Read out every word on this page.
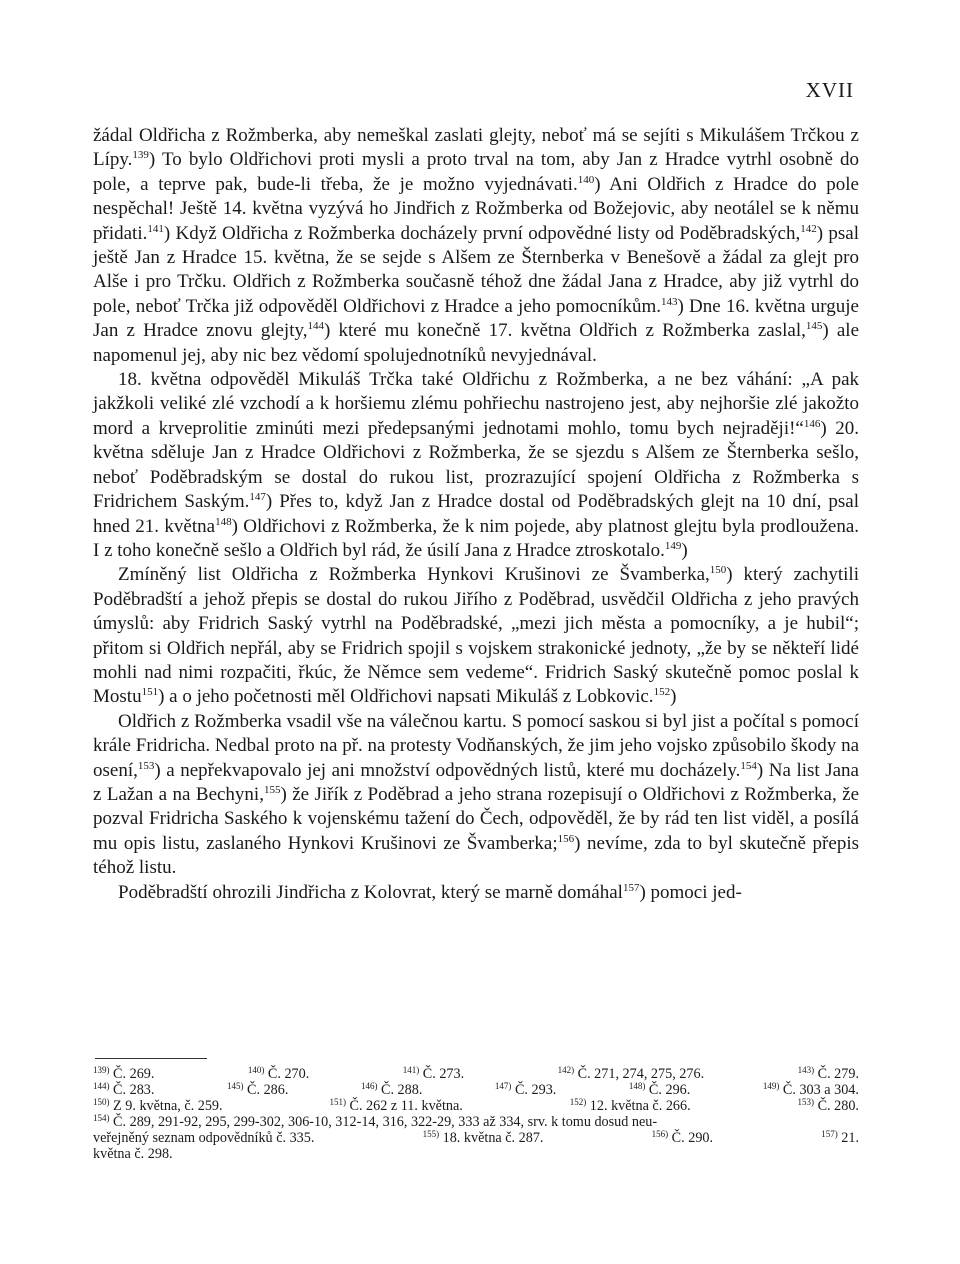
XVII

žádal Oldřicha z Rožmberka, aby nemeškal zaslati glejty, neboť má se sejíti s Mikulášem Trčkou z Lípy.$^{139}$) To bylo Oldřichovi proti mysli a proto trval na tom, aby Jan z Hradce vytrhl osobně do pole, a teprve pak, bude-li třeba, že je možno vyjednávati.$^{140}$) Ani Oldřich z Hradce do pole nespěchal! Ještě 14. května vyzývá ho Jindřich z Rožmberka od Božejovic, aby neotálel se k němu přidati.$^{141}$) Když Oldřicha z Rožmberka docházely první odpovědné listy od Poděbradských,$^{142}$) psal ještě Jan z Hradce 15. května, že se sejde s Alšem ze Šternberka v Benešově a žádal za glejt pro Alše i pro Trčku. Oldřich z Rožmberka současně téhož dne žádal Jana z Hradce, aby již vytrhl do pole, neboť Trčka již odpověděl Oldřichovi z Hradce a jeho pomocníkům.$^{143}$) Dne 16. května urguje Jan z Hradce znovu glejty,$^{144}$) které mu konečně 17. května Oldřich z Rožmberka zaslal,$^{145}$) ale napomenul jej, aby nic bez vědomí spolujednotníků nevyjednával.

18. května odpověděl Mikuláš Trčka také Oldřichu z Rožmberka, a ne bez váhání: „A pak jakžkoli veliké zlé vzchodí a k horšiemu zlému pohřiechu nastrojeno jest, aby nejhoršie zlé jakožto mord a krveprolitie zminúti mezi předepsanými jednotami mohlo, tomu bych nejraději!“$^{146}$) 20. května sděluje Jan z Hradce Oldřichovi z Rožmberka, že se sjezdu s Alšem ze Šternberka sešlo, neboť Poděbradským se dostal do rukou list, prozrazující spojení Oldřicha z Rožmberka s Fridrichem Saským.$^{147}$) Přes to, když Jan z Hradce dostal od Poděbradských glejt na 10 dní, psal hned 21. května$^{148}$) Oldřichovi z Rožmberka, že k nim pojede, aby platnost glejtu byla prodloužena. I z toho konečně sešlo a Oldřich byl rád, že úsilí Jana z Hradce ztroskotalo.$^{149}$)

Zmíněný list Oldřicha z Rožmberka Hynkovi Krušinovi ze Švamberka,$^{150}$) který zachytili Poděbradští a jehož přepis se dostal do rukou Jiřího z Poděbrad, usvědčil Oldřicha z jeho pravých úmyslů: aby Fridrich Saský vytrhl na Poděbradské, „mezi jich města a pomocníky, a je hubil“; přitom si Oldřich nepřál, aby se Fridrich spojil s vojskem strakonické jednoty, „že by se někteří lidé mohli nad nimi rozpačiti, řkúc, že Němce sem vedeme“. Fridrich Saský skutečně pomoc poslal k Mostu$^{151}$) a o jeho početnosti měl Oldřichovi napsati Mikuláš z Lobkovic.$^{152}$)

Oldřich z Rožmberka vsadil vše na válečnou kartu. S pomocí saskou si byl jist a počítal s pomocí krále Fridricha. Nedbal proto na př. na protesty Vodňanských, že jim jeho vojsko způsobilo škody na osení,$^{153}$) a nepřekvapovalo jej ani množství odpovědných listů, které mu docházely.$^{154}$) Na list Jana z Lažan a na Bechyni,$^{155}$) že Jiřík z Poděbrad a jeho strana rozepisují o Oldřichovi z Rožmberka, že pozval Fridricha Saského k vojenskému tažení do Čech, odpověděl, že by rád ten list viděl, a posílá mu opis listu, zaslaného Hynkovi Krušinovi ze Švamberka;$^{156}$) nevíme, zda to byl skutečně přepis téhož listu.

Poděbradští ohrozili Jindřicha z Kolovrat, který se marně domáhal$^{157}$) pomoci jed-

$^{139)}$ Č. 269.	$^{140)}$ Č. 270.	$^{141)}$ Č. 273.	$^{142)}$ Č. 271, 274, 275, 276.	$^{143)}$ Č. 279.
$^{144)}$ Č. 283.	$^{145)}$ Č. 286.	$^{146)}$ Č. 288.	$^{147)}$ Č. 293.	$^{148)}$ Č. 296.	$^{149)}$ Č. 303 a 304.
$^{150)}$ Z 9. května, č. 259.	$^{151)}$ Č. 262 z 11. května.	$^{152)}$ 12. května č. 266.	$^{153)}$ Č. 280.
$^{154)}$ Č. 289, 291-92, 295, 299-302, 306-10, 312-14, 316, 322-29, 333 až 334, srv. k tomu dosud neu-
veřejněný seznam odpovědníků č. 335.	$^{155)}$ 18. května č. 287.	$^{156)}$ Č. 290.	$^{157)}$ 21.
května č. 298.
